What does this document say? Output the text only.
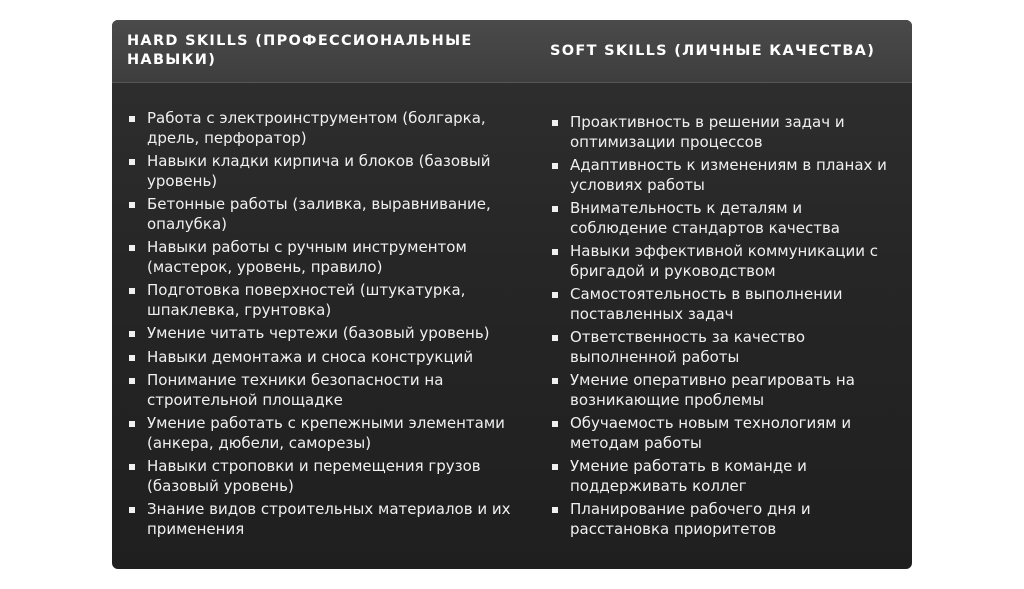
HARD SKILLS (ПРОФЕССИОНАЛЬНЫЕ НАВЫКИ)
SOFT SKILLS (ЛИЧНЫЕ КАЧЕСТВА)
Работа с электроинструментом (болгарка, дрель, перфоратор)
Навыки кладки кирпича и блоков (базовый уровень)
Бетонные работы (заливка, выравнивание, опалубка)
Навыки работы с ручным инструментом (мастерок, уровень, правило)
Подготовка поверхностей (штукатурка, шпаклевка, грунтовка)
Умение читать чертежи (базовый уровень)
Навыки демонтажа и сноса конструкций
Понимание техники безопасности на строительной площадке
Умение работать с крепежными элементами (анкера, дюбели, саморезы)
Навыки строповки и перемещения грузов (базовый уровень)
Знание видов строительных материалов и их применения
Проактивность в решении задач и оптимизации процессов
Адаптивность к изменениям в планах и условиях работы
Внимательность к деталям и соблюдение стандартов качества
Навыки эффективной коммуникации с бригадой и руководством
Самостоятельность в выполнении поставленных задач
Ответственность за качество выполненной работы
Умение оперативно реагировать на возникающие проблемы
Обучаемость новым технологиям и методам работы
Умение работать в команде и поддерживать коллег
Планирование рабочего дня и расстановка приоритетов
